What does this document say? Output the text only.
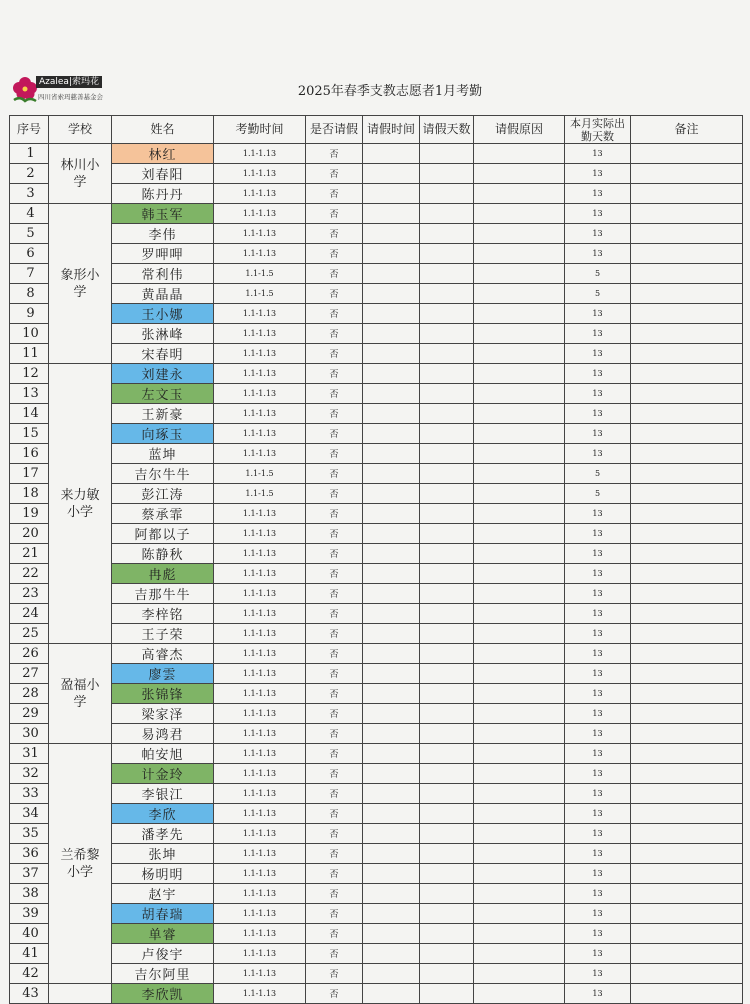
Azalea|索玛花
四川省索玛慈善基金会	2025年春季支教志愿者1月考勤
序号	学校	姓名	考勤时间	是否请假	请假时间	请假天数	请假原因	本月实际出勤天数	备注
1	林川小学	林红	1.1-1.13	否				13	
2		刘春阳	1.1-1.13	否				13	
3		陈丹丹	1.1-1.13	否				13	
4	象形小学	韩玉军	1.1-1.13	否				13	
5		李伟	1.1-1.13	否				13	
6		罗呷呷	1.1-1.13	否				13	
7		常利伟	1.1-1.5	否				5	
8		黄晶晶	1.1-1.5	否				5	
9		王小娜	1.1-1.13	否				13	
10		张淋峰	1.1-1.13	否				13	
11		宋春明	1.1-1.13	否				13	
12	来力敏小学	刘建永	1.1-1.13	否				13	
13		左文玉	1.1-1.13	否				13	
14		王新豪	1.1-1.13	否				13	
15		向琢玉	1.1-1.13	否				13	
16		蓝坤	1.1-1.13	否				13	
17		吉尔牛牛	1.1-1.5	否				5	
18		彭江涛	1.1-1.5	否				5	
19		蔡承霏	1.1-1.13	否				13	
20		阿都以子	1.1-1.13	否				13	
21		陈静秋	1.1-1.13	否				13	
22		冉彪	1.1-1.13	否				13	
23		吉那牛牛	1.1-1.13	否				13	
24		李梓铭	1.1-1.13	否				13	
25		王子荣	1.1-1.13	否				13	
26	盈福小学	高睿杰	1.1-1.13	否				13	
27		廖雲	1.1-1.13	否				13	
28		张锦锋	1.1-1.13	否				13	
29		梁家泽	1.1-1.13	否				13	
30		易鸿君	1.1-1.13	否				13	
31	兰希黎小学	帕安旭	1.1-1.13	否				13	
32		计金玲	1.1-1.13	否				13	
33		李银江	1.1-1.13	否				13	
34		李欣	1.1-1.13	否				13	
35		潘孝先	1.1-1.13	否				13	
36		张坤	1.1-1.13	否				13	
37		杨明明	1.1-1.13	否				13	
38		赵宇	1.1-1.13	否				13	
39		胡春瑞	1.1-1.13	否				13	
40		单睿	1.1-1.13	否				13	
41		卢俊宇	1.1-1.13	否				13	
42		吉尔阿里	1.1-1.13	否				13	
43		李欣凯	1.1-1.13	否				13	
